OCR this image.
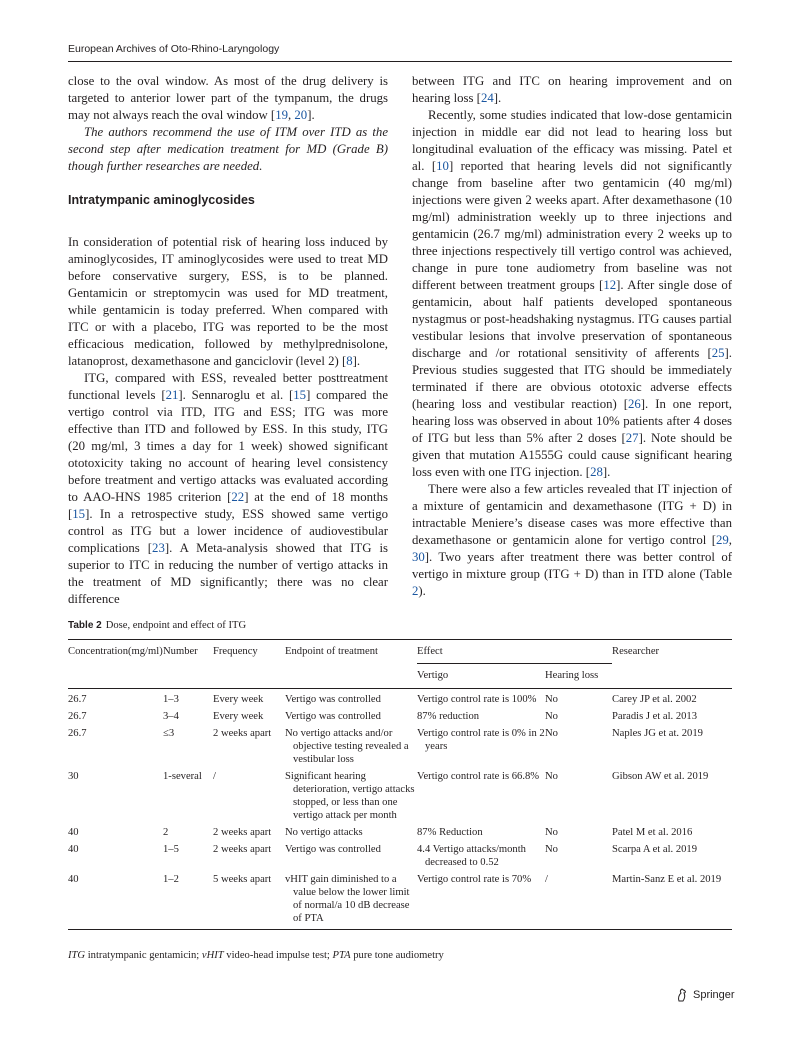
European Archives of Oto-Rhino-Laryngology

close to the oval window. As most of the drug delivery is targeted to anterior lower part of the tympanum, the drugs may not always reach the oval window [19, 20].

The authors recommend the use of ITM over ITD as the second step after medication treatment for MD (Grade B) though further researches are needed.

Intratympanic aminoglycosides

In consideration of potential risk of hearing loss induced by aminoglycosides, IT aminoglycosides were used to treat MD before conservative surgery, ESS, is to be planned. Gentamicin or streptomycin was used for MD treatment, while gentamicin is today preferred. When compared with ITC or with a placebo, ITG was reported to be the most efficacious medication, followed by methylprednisolone, latanoprost, dexamethasone and ganciclovir (level 2) [8].

ITG, compared with ESS, revealed better posttreatment functional levels [21]. Sennaroglu et al. [15] compared the vertigo control via ITD, ITG and ESS; ITG was more effective than ITD and followed by ESS. In this study, ITG (20 mg/ml, 3 times a day for 1 week) showed significant ototoxicity taking no account of hearing level consistency before treatment and vertigo attacks was evaluated according to AAO-HNS 1985 criterion [22] at the end of 18 months [15]. In a retrospective study, ESS showed same vertigo control as ITG but a lower incidence of audiovestibular complications [23]. A Meta-analysis showed that ITG is superior to ITC in reducing the number of vertigo attacks in the treatment of MD significantly; there was no clear difference

between ITG and ITC on hearing improvement and on hearing loss [24].

Recently, some studies indicated that low-dose gentamicin injection in middle ear did not lead to hearing loss but longitudinal evaluation of the efficacy was missing. Patel et al. [10] reported that hearing levels did not significantly change from baseline after two gentamicin (40 mg/ml) injections were given 2 weeks apart. After dexamethasone (10 mg/ml) administration weekly up to three injections and gentamicin (26.7 mg/ml) administration every 2 weeks up to three injections respectively till vertigo control was achieved, change in pure tone audiometry from baseline was not different between treatment groups [12]. After single dose of gentamicin, about half patients developed spontaneous nystagmus or post-headshaking nystagmus. ITG causes partial vestibular lesions that involve preservation of spontaneous discharge and /or rotational sensitivity of afferents [25]. Previous studies suggested that ITG should be immediately terminated if there are obvious ototoxic adverse effects (hearing loss and vestibular reaction) [26]. In one report, hearing loss was observed in about 10% patients after 4 doses of ITG but less than 5% after 2 doses [27]. Note should be given that mutation A1555G could cause significant hearing loss even with one ITG injection. [28].

There were also a few articles revealed that IT injection of a mixture of gentamicin and dexamethasone (ITG + D) in intractable Meniere’s disease cases was more effective than dexamethasone or gentamicin alone for vertigo control [29, 30]. Two years after treatment there was better control of vertigo in mixture group (ITG + D) than in ITD alone (Table 2).

Table 2 Dose, endpoint and effect of ITG
Concentration(mg/ml)	Number	Frequency	Endpoint of treatment	Effect		Researcher
				Vertigo	Hearing loss	
26.7	1–3	Every week	Vertigo was controlled	Vertigo control rate is 100%	No	Carey JP et al. 2002
26.7	3–4	Every week	Vertigo was controlled	87% reduction	No	Paradis J et al. 2013
26.7	≤3	2 weeks apart	No vertigo attacks and/or objective testing revealed a vestibular loss	Vertigo control rate is 0% in 2 years	No	Naples JG et at. 2019
30	1-several	/	Significant hearing deterioration, vertigo attacks stopped, or less than one vertigo attack per month	Vertigo control rate is 66.8%	No	Gibson AW et al. 2019
40	2	2 weeks apart	No vertigo attacks	87% Reduction	No	Patel M et al. 2016
40	1–5	2 weeks apart	Vertigo was controlled	4.4 Vertigo attacks/month decreased to 0.52	No	Scarpa A et al. 2019
40	1–2	5 weeks apart	vHIT gain diminished to a value below the lower limit of normal/a 10 dB decrease of PTA	Vertigo control rate is 70%	/	Martin-Sanz E et al. 2019
ITG intratympanic gentamicin; vHIT video-head impulse test; PTA pure tone audiometry
Springer
